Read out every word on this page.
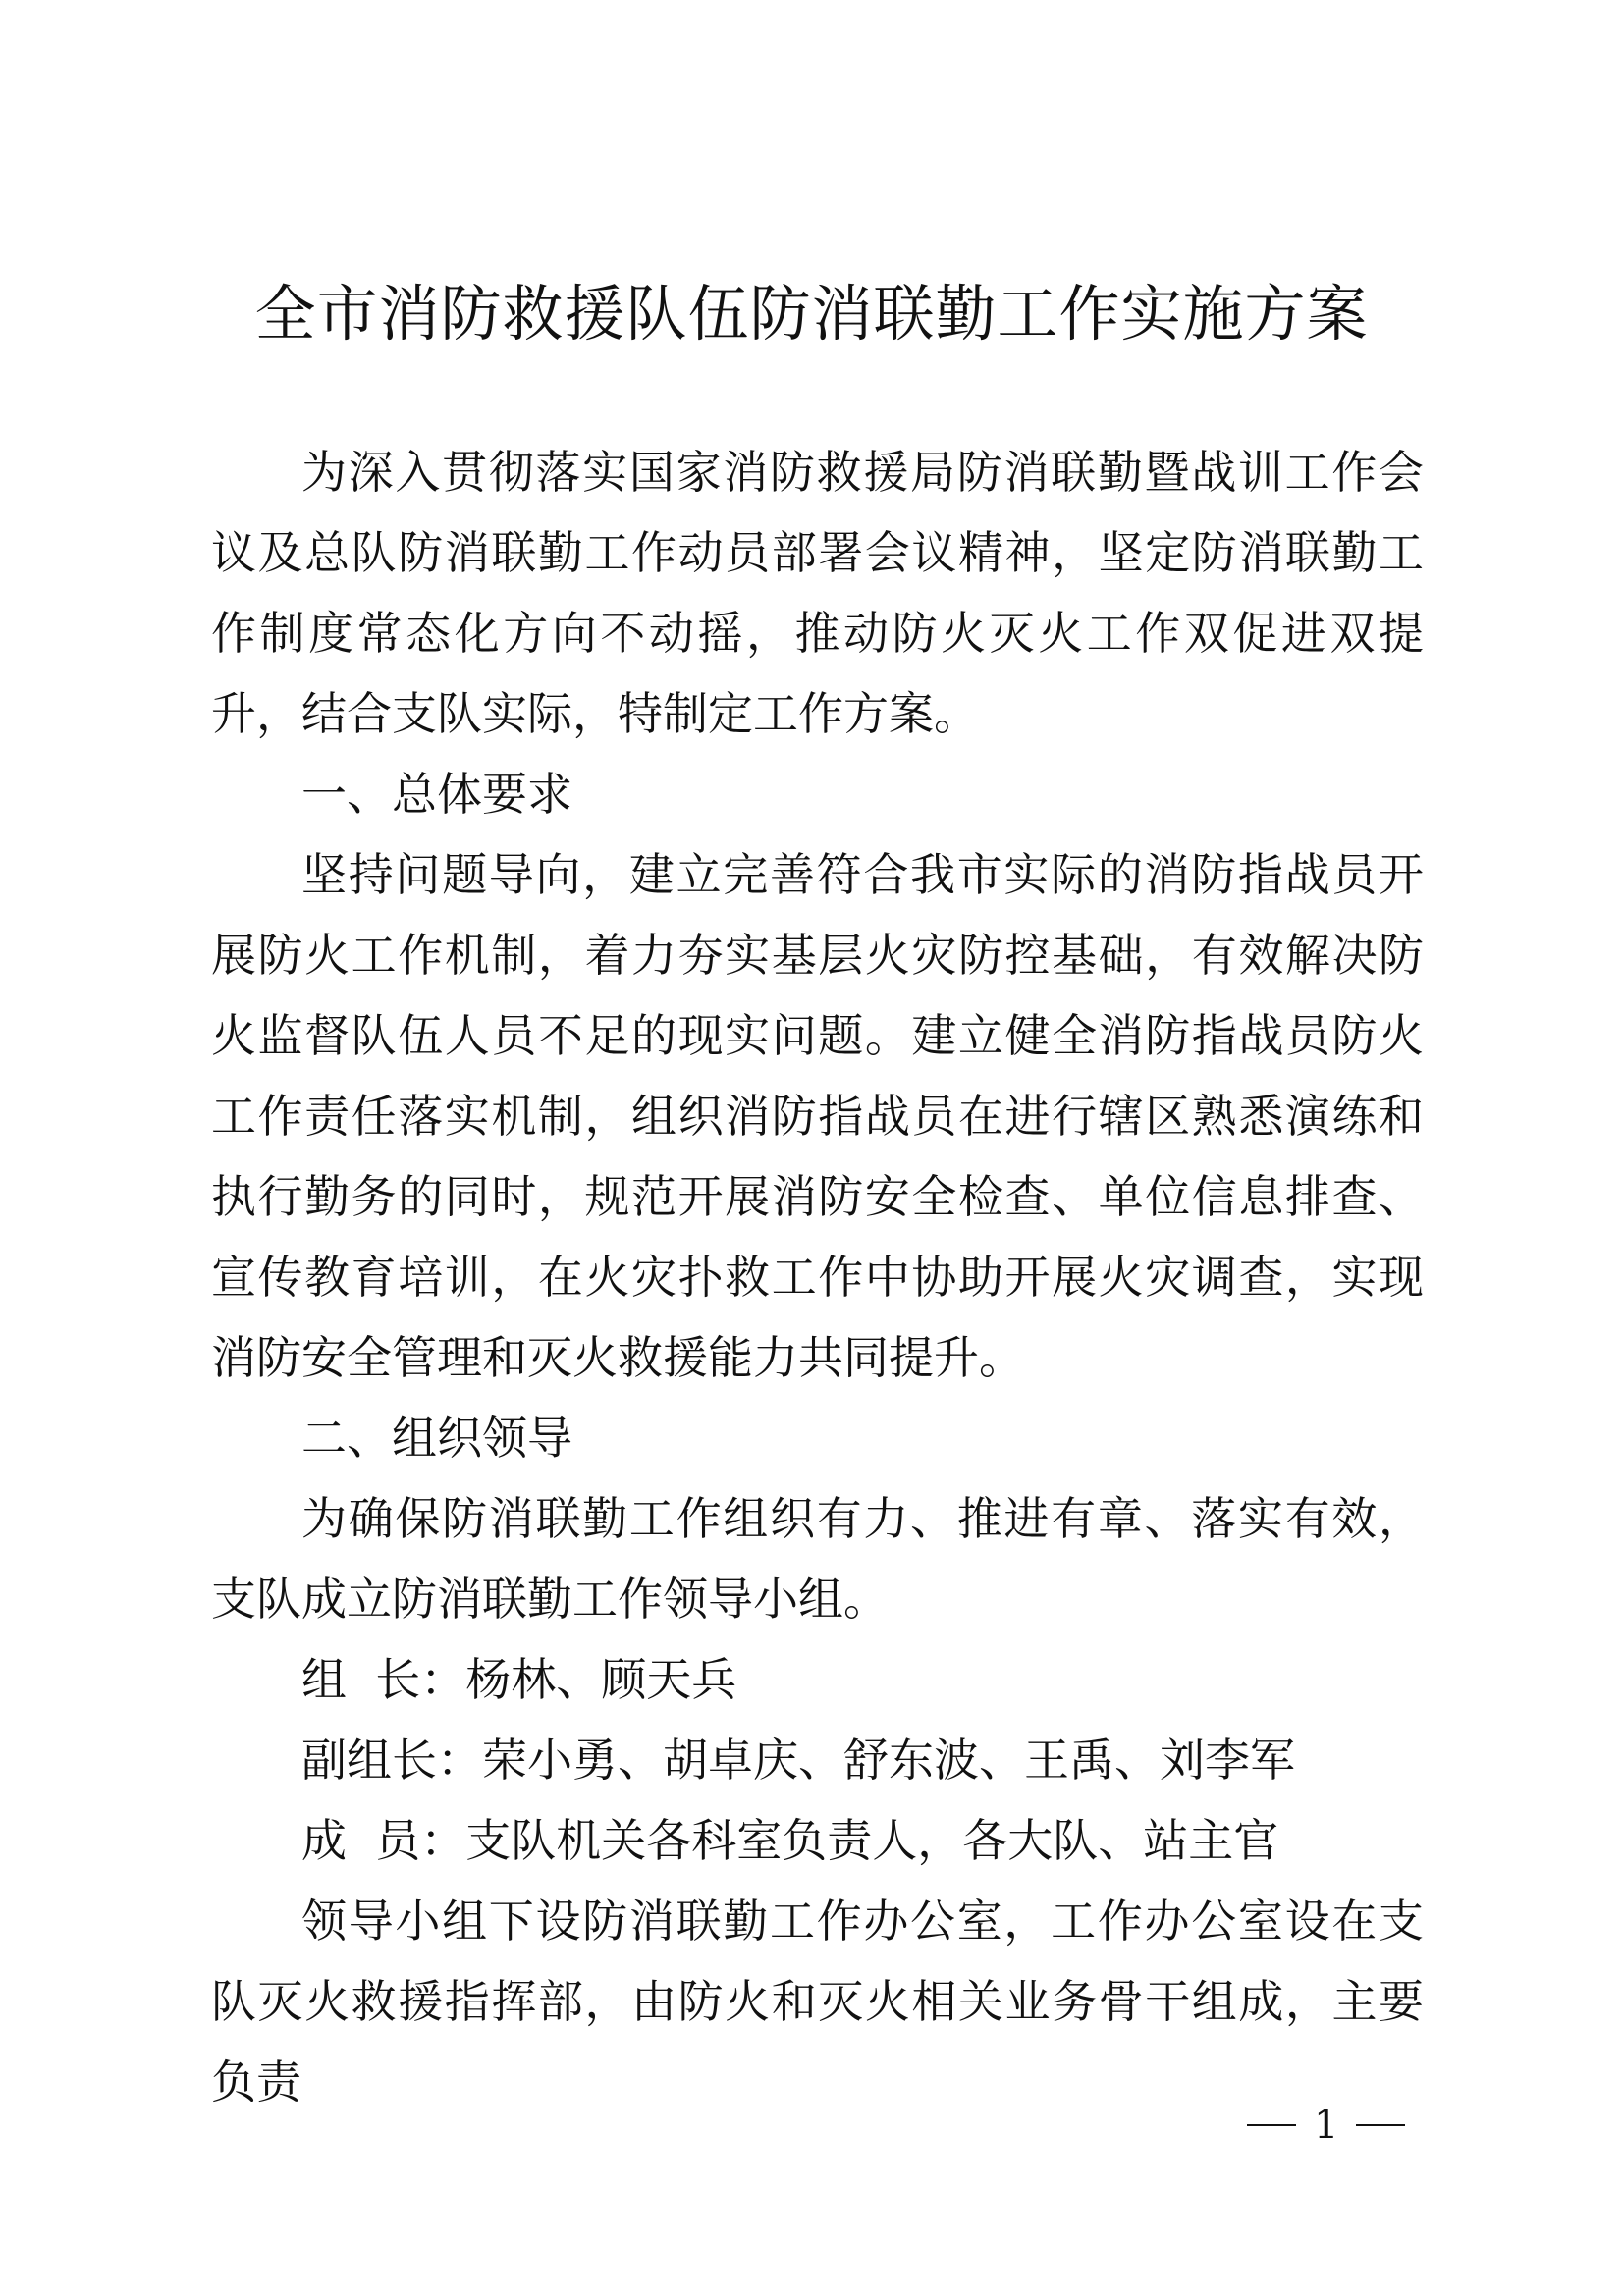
全市消防救援队伍防消联勤工作实施方案

为深入贯彻落实国家消防救援局防消联勤暨战训工作会议及总队防消联勤工作动员部署会议精神，坚定防消联勤工作制度常态化方向不动摇，推动防火灭火工作双促进双提升，结合支队实际，特制定工作方案。

一、总体要求

坚持问题导向，建立完善符合我市实际的消防指战员开展防火工作机制，着力夯实基层火灾防控基础，有效解决防火监督队伍人员不足的现实问题。建立健全消防指战员防火工作责任落实机制，组织消防指战员在进行辖区熟悉演练和执行勤务的同时，规范开展消防安全检查、单位信息排查、宣传教育培训，在火灾扑救工作中协助开展火灾调查，实现消防安全管理和灭火救援能力共同提升。

二、组织领导

为确保防消联勤工作组织有力、推进有章、落实有效，支队成立防消联勤工作领导小组。

组  长：杨林、顾天兵

副组长：荣小勇、胡卓庆、舒东波、王禹、刘李军

成  员：支队机关各科室负责人，各大队、站主官

领导小组下设防消联勤工作办公室，工作办公室设在支队灭火救援指挥部，由防火和灭火相关业务骨干组成，主要负责

1
